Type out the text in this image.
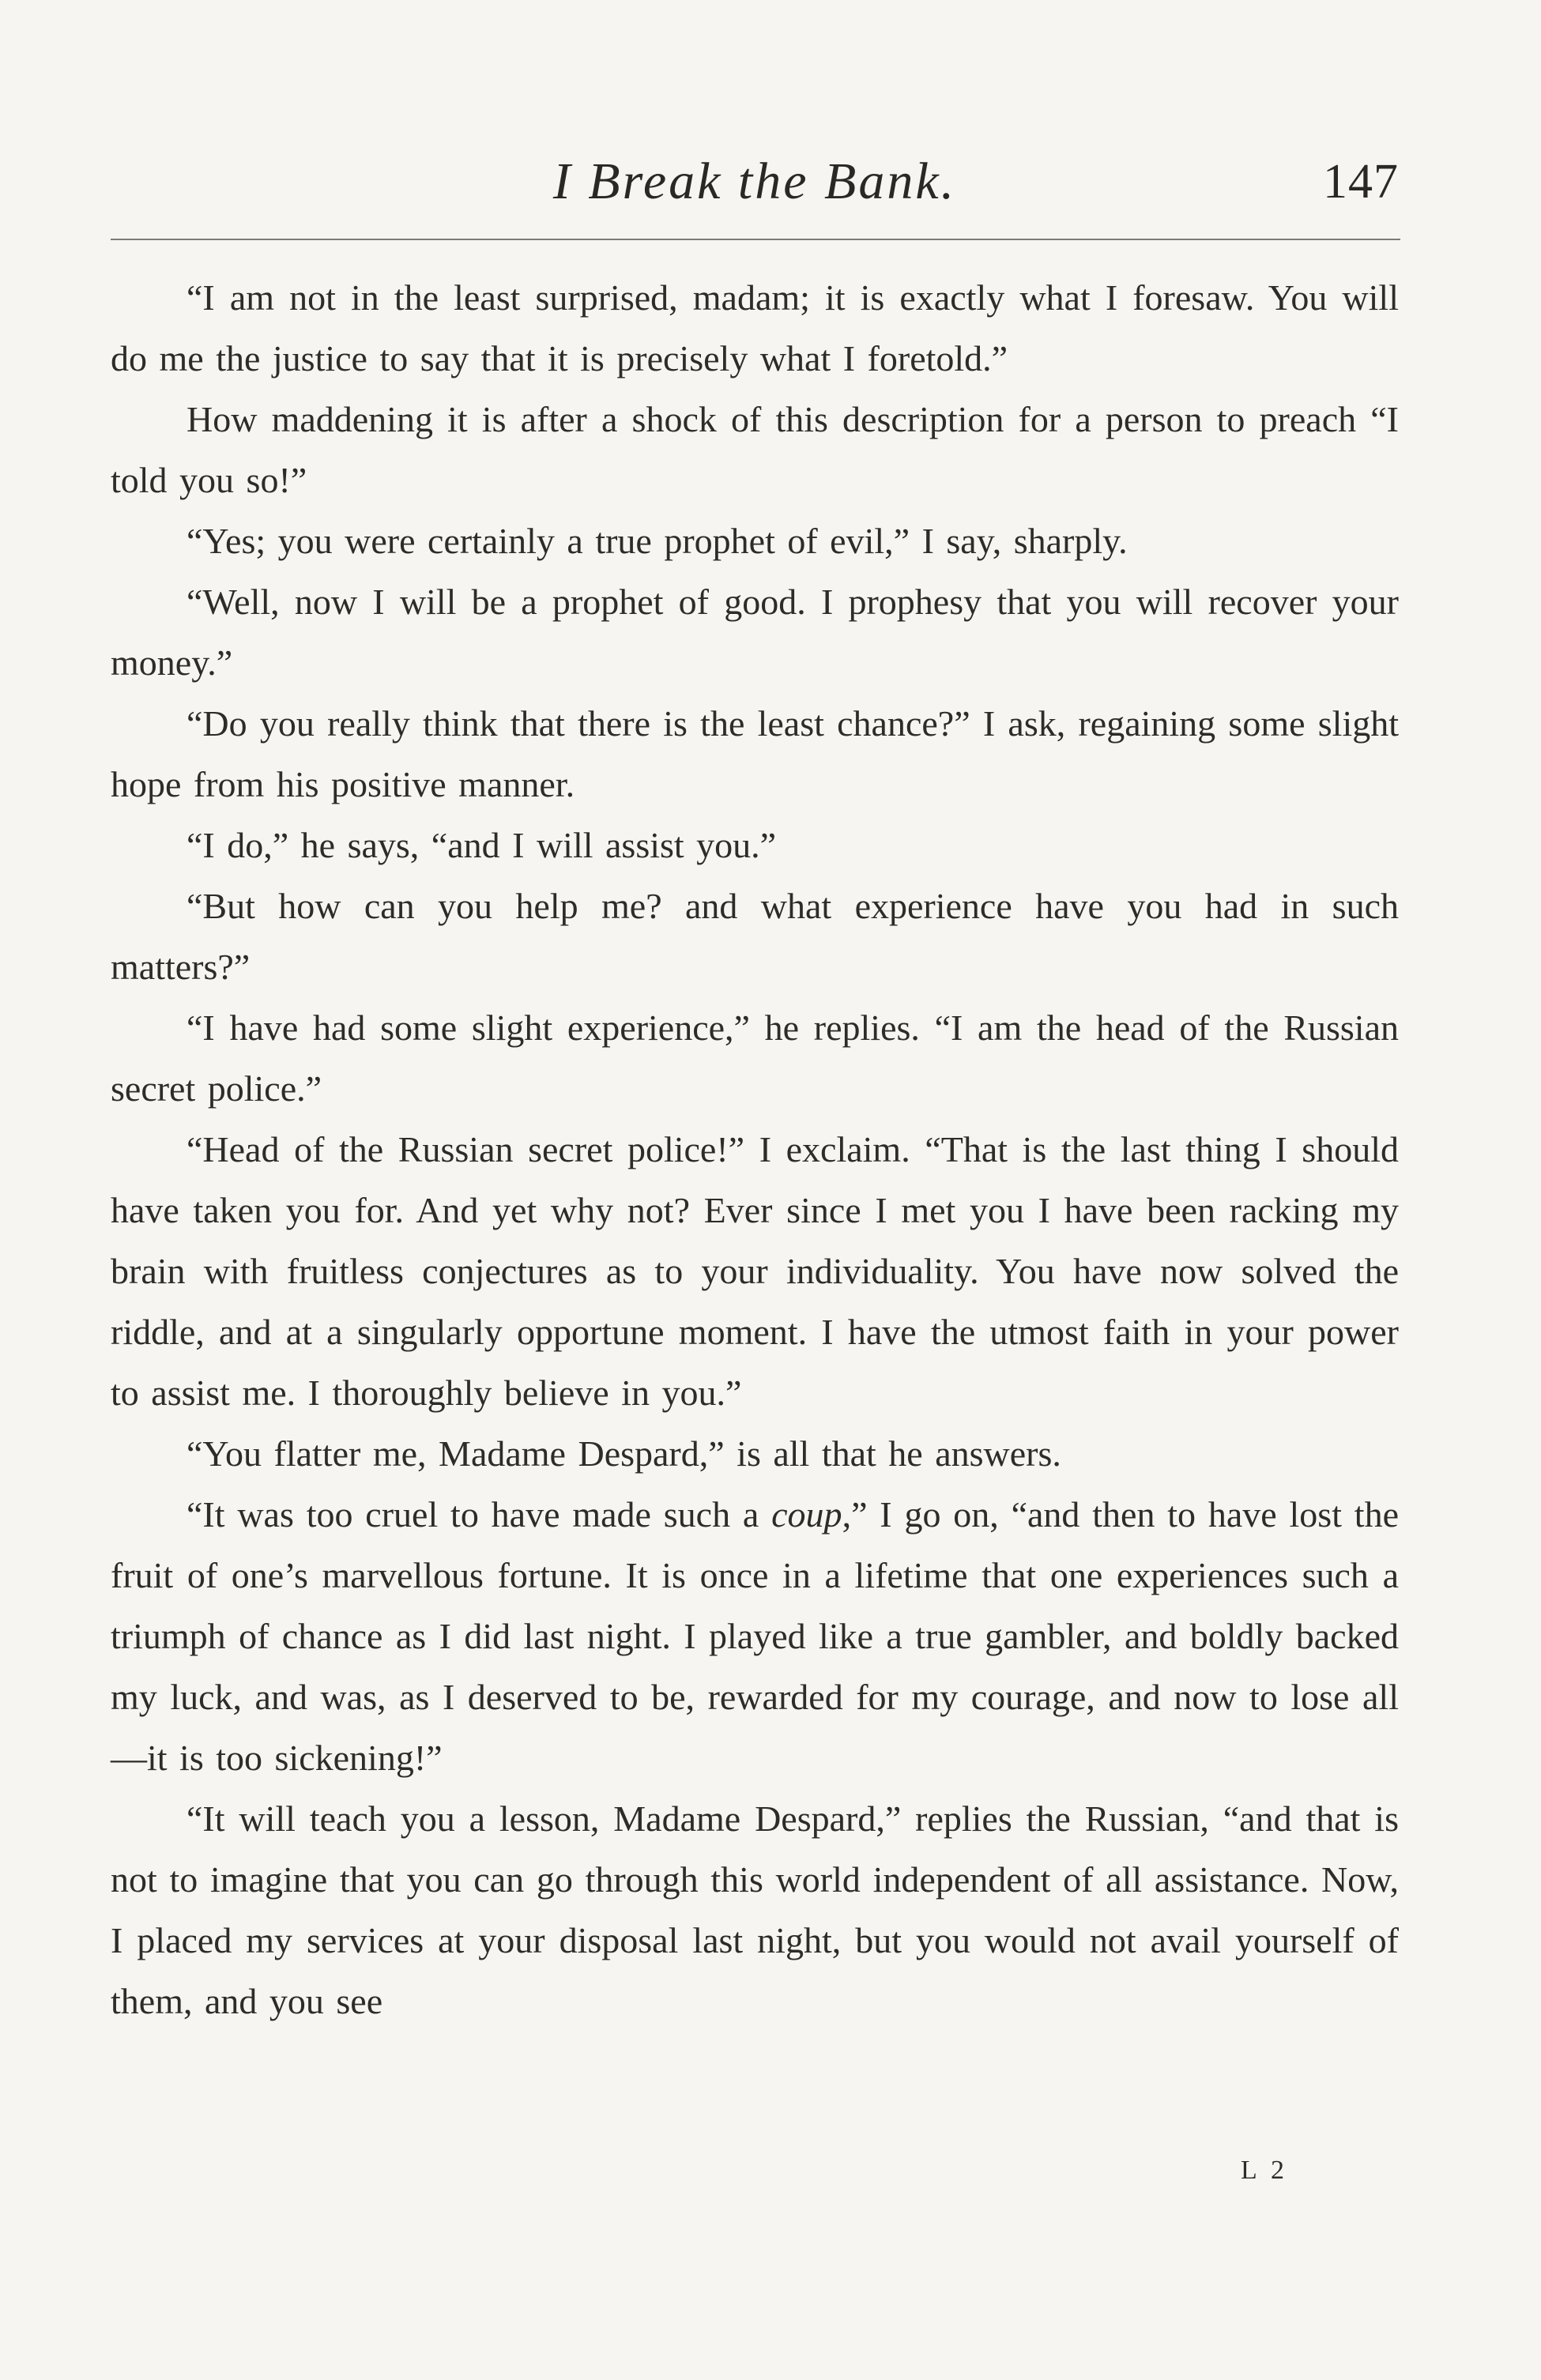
I Break the Bank.	147

“I am not in the least surprised, madam; it is exactly what I foresaw. You will do me the justice to say that it is precisely what I foretold.”

How maddening it is after a shock of this description for a person to preach “I told you so!”

“Yes; you were certainly a true prophet of evil,” I say, sharply.

“Well, now I will be a prophet of good. I prophesy that you will recover your money.”

“Do you really think that there is the least chance?” I ask, regaining some slight hope from his positive manner.

“I do,” he says, “and I will assist you.”

“But how can you help me? and what experience have you had in such matters?”

“I have had some slight experience,” he replies. “I am the head of the Russian secret police.”

“Head of the Russian secret police!” I exclaim. “That is the last thing I should have taken you for. And yet why not? Ever since I met you I have been racking my brain with fruitless conjectures as to your individuality. You have now solved the riddle, and at a singularly opportune moment. I have the utmost faith in your power to assist me. I thoroughly believe in you.”

“You flatter me, Madame Despard,” is all that he answers.

“It was too cruel to have made such a coup,” I go on, “and then to have lost the fruit of one’s marvellous fortune. It is once in a lifetime that one experiences such a triumph of chance as I did last night. I played like a true gambler, and boldly backed my luck, and was, as I deserved to be, rewarded for my courage, and now to lose all—it is too sickening!”

“It will teach you a lesson, Madame Despard,” replies the Russian, “and that is not to imagine that you can go through this world independent of all assistance. Now, I placed my services at your disposal last night, but you would not avail yourself of them, and you see

L 2
